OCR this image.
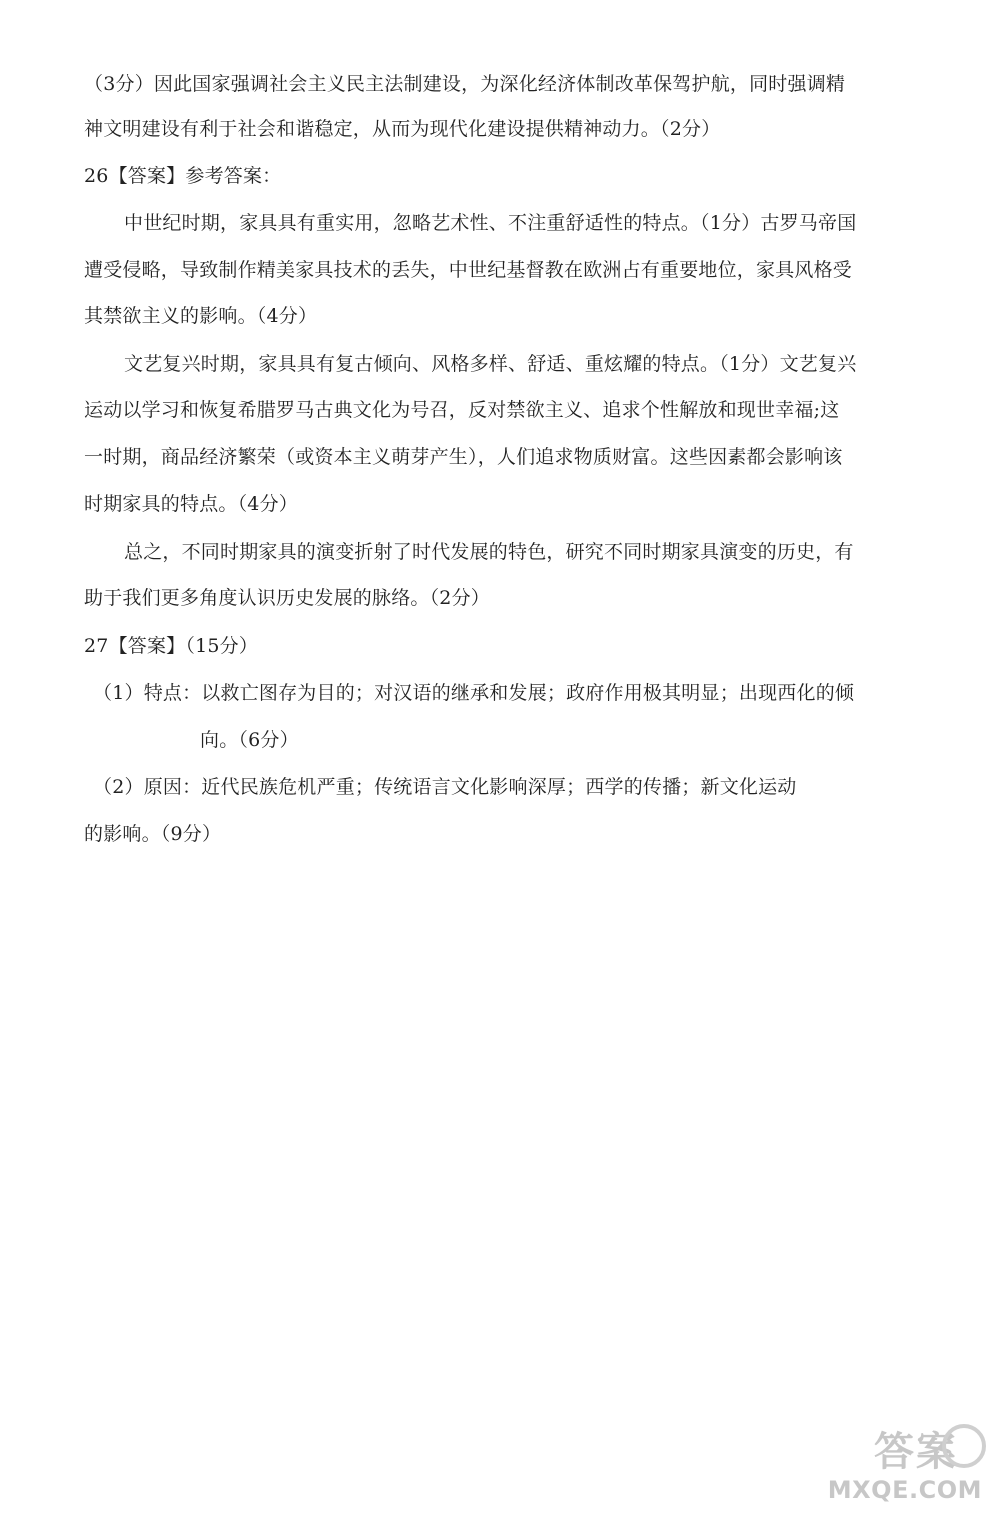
（3分）因此国家强调社会主义民主法制建设，为深化经济体制改革保驾护航，同时强调精
神文明建设有利于社会和谐稳定，从而为现代化建设提供精神动力。（2分）
26【答案】参考答案：
中世纪时期，家具具有重实用，忽略艺术性、不注重舒适性的特点。（1分）古罗马帝国
遭受侵略，导致制作精美家具技术的丢失，中世纪基督教在欧洲占有重要地位，家具风格受
其禁欲主义的影响。（4分）
文艺复兴时期，家具具有复古倾向、风格多样、舒适、重炫耀的特点。（1分）文艺复兴
运动以学习和恢复希腊罗马古典文化为号召，反对禁欲主义、追求个性解放和现世幸福;这
一时期，商品经济繁荣（或资本主义萌芽产生），人们追求物质财富。这些因素都会影响该
时期家具的特点。（4分）
总之，不同时期家具的演变折射了时代发展的特色，研究不同时期家具演变的历史，有
助于我们更多角度认识历史发展的脉络。（2分）
27【答案】（15分）
（1）特点：以救亡图存为目的；对汉语的继承和发展；政府作用极其明显；出现西化的倾
向。（6分）
（2）原因：近代民族危机严重；传统语言文化影响深厚；西学的传播；新文化运动
的影响。（9分）
答案
MXQE.COM
